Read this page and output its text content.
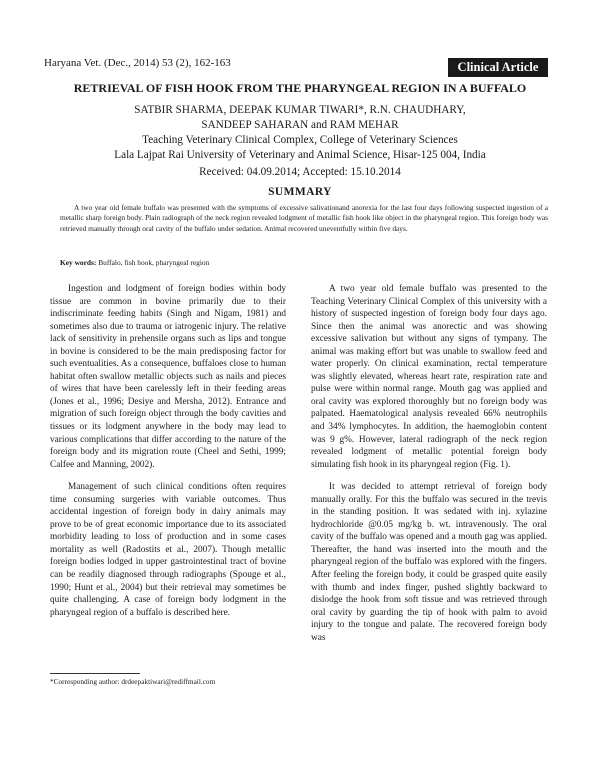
Haryana Vet. (Dec., 2014) 53 (2), 162-163	Clinical Article
RETRIEVAL OF FISH HOOK FROM THE PHARYNGEAL REGION IN A BUFFALO
SATBIR SHARMA, DEEPAK KUMAR TIWARI*, R.N. CHAUDHARY,
SANDEEP SAHARAN and RAM MEHAR
Teaching Veterinary Clinical Complex, College of Veterinary Sciences
Lala Lajpat Rai University of Veterinary and Animal Science, Hisar-125 004, India
Received: 04.09.2014; Accepted: 15.10.2014
SUMMARY
A two year old female buffalo was presented with the symptoms of excessive salivationand anorexia for the last four days following suspected ingestion of a metallic sharp foreign body. Plain radiograph of the neck region revealed lodgment of metallic fish hook like object in the pharyngeal region. This foreign body was retrieved manually through oral cavity of the buffalo under sedation. Animal recovered uneventfully within five days.
Key words: Buffalo, fish hook, pharyngeal region

Ingestion and lodgment of foreign bodies within body tissue are common in bovine primarily due to their indiscriminate feeding habits (Singh and Nigam, 1981) and sometimes also due to trauma or iatrogenic injury. The relative lack of sensitivity in prehensile organs such as lips and tongue in bovine is considered to be the main predisposing factor for such eventualities. As a consequence, buffaloes close to human habitat often swallow metallic objects such as nails and pieces of wires that have been carelessly left in their feeding areas (Jones et al., 1996; Desiye and Mersha, 2012). Entrance and migration of such foreign object through the body cavities and tissues or its lodgment anywhere in the body may lead to various complications that differ according to the nature of the foreign body and its migration route (Cheel and Sethi, 1999; Calfee and Manning, 2002).

Management of such clinical conditions often requires time consuming surgeries with variable outcomes. Thus accidental ingestion of foreign body in dairy animals may prove to be of great economic importance due to its associated morbidity leading to loss of production and in some cases mortality as well (Radostits et al., 2007). Though metallic foreign bodies lodged in upper gastrointestinal tract of bovine can be readily diagnosed through radiographs (Spouge et al., 1990; Hunt et al., 2004) but their retrieval may sometimes be quite challenging. A case of foreign body lodgment in the pharyngeal region of a buffalo is described here.

A two year old female buffalo was presented to the Teaching Veterinary Clinical Complex of this university with a history of suspected ingestion of foreign body four days ago. Since then the animal was anorectic and was showing excessive salivation but without any signs of tympany. The animal was making effort but was unable to swallow feed and water properly. On clinical examination, rectal temperature was slightly elevated, whereas heart rate, respiration rate and pulse were within normal range. Mouth gag was applied and oral cavity was explored thoroughly but no foreign body was palpated. Haematological analysis revealed 66% neutrophils and 34% lymphocytes. In addition, the haemoglobin content was 9 g%. However, lateral radiograph of the neck region revealed lodgment of metallic potential foreign body simulating fish hook in its pharyngeal region (Fig. 1).

It was decided to attempt retrieval of foreign body manually orally. For this the buffalo was secured in the trevis in the standing position. It was sedated with inj. xylazine hydrochloride @0.05 mg/kg b. wt. intravenously. The oral cavity of the buffalo was opened and a mouth gag was applied. Thereafter, the hand was inserted into the mouth and the pharyngeal region of the buffalo was explored with the fingers. After feeling the foreign body, it could be grasped quite easily with thumb and index finger, pushed slightly backward to dislodge the hook from soft tissue and was retrieved through oral cavity by guarding the tip of hook with palm to avoid injury to the tongue and palate. The recovered foreign body was

*Corresponding author: drdeepaktiwari@rediffmail.com
